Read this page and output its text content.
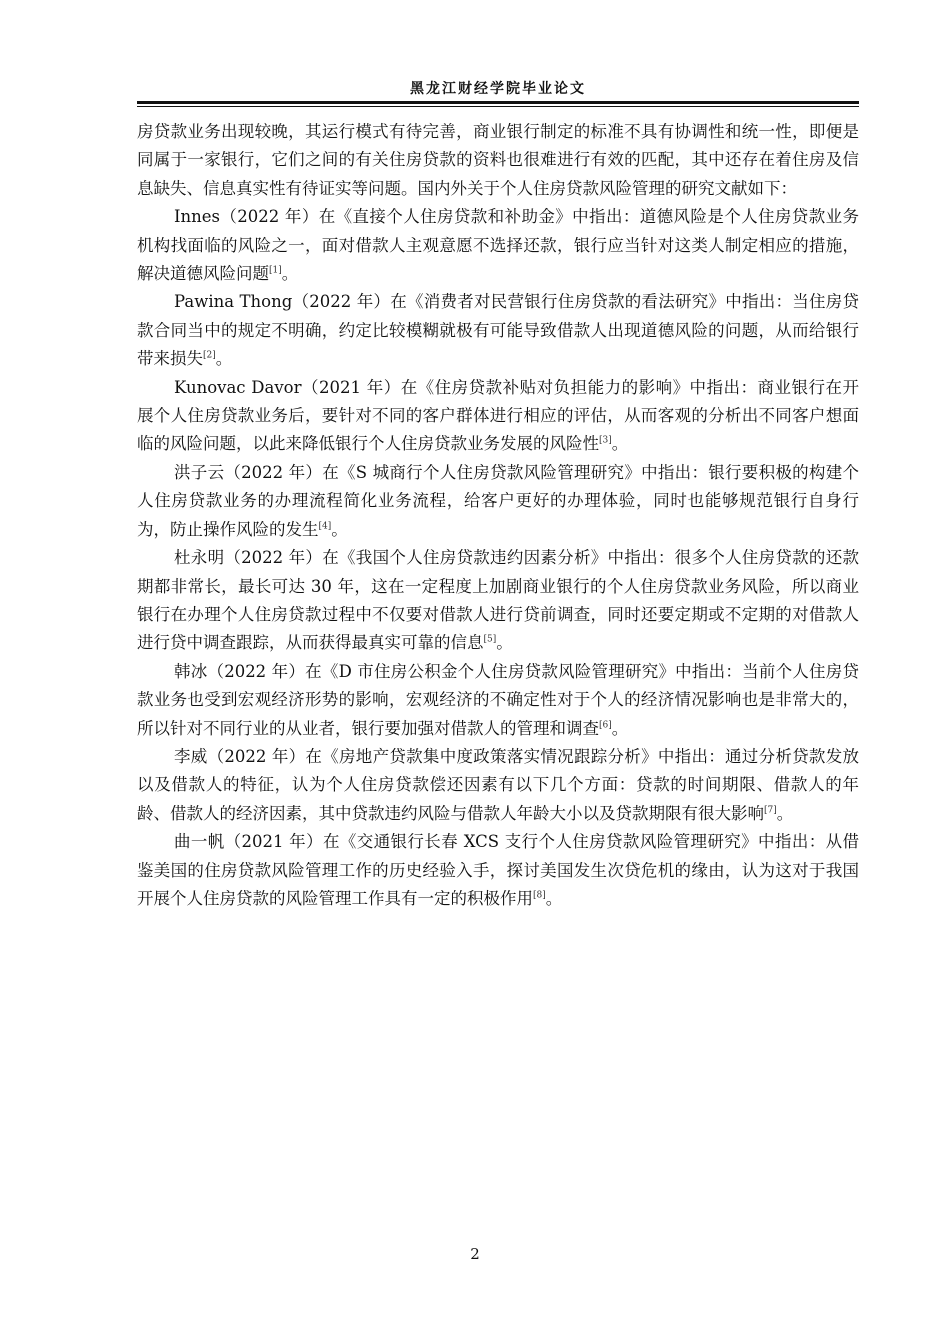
黑龙江财经学院毕业论文

房贷款业务出现较晚，其运行模式有待完善，商业银行制定的标准不具有协调性和统一性，即便是同属于一家银行，它们之间的有关住房贷款的资料也很难进行有效的匹配，其中还存在着住房及信息缺失、信息真实性有待证实等问题。国内外关于个人住房贷款风险管理的研究文献如下：

Innes（2022 年）在《直接个人住房贷款和补助金》中指出：道德风险是个人住房贷款业务机构找面临的风险之一，面对借款人主观意愿不选择还款，银行应当针对这类人制定相应的措施，解决道德风险问题[1]。

Pawina Thong（2022 年）在《消费者对民营银行住房贷款的看法研究》中指出：当住房贷款合同当中的规定不明确，约定比较模糊就极有可能导致借款人出现道德风险的问题，从而给银行带来损失[2]。

Kunovac Davor（2021 年）在《住房贷款补贴对负担能力的影响》中指出：商业银行在开展个人住房贷款业务后，要针对不同的客户群体进行相应的评估，从而客观的分析出不同客户想面临的风险问题，以此来降低银行个人住房贷款业务发展的风险性[3]。

洪子云（2022 年）在《S 城商行个人住房贷款风险管理研究》中指出：银行要积极的构建个人住房贷款业务的办理流程简化业务流程，给客户更好的办理体验，同时也能够规范银行自身行为，防止操作风险的发生[4]。

杜永明（2022 年）在《我国个人住房贷款违约因素分析》中指出：很多个人住房贷款的还款期都非常长，最长可达 30 年，这在一定程度上加剧商业银行的个人住房贷款业务风险，所以商业银行在办理个人住房贷款过程中不仅要对借款人进行贷前调查，同时还要定期或不定期的对借款人进行贷中调查跟踪，从而获得最真实可靠的信息[5]。

韩冰（2022 年）在《D 市住房公积金个人住房贷款风险管理研究》中指出：当前个人住房贷款业务也受到宏观经济形势的影响，宏观经济的不确定性对于个人的经济情况影响也是非常大的，所以针对不同行业的从业者，银行要加强对借款人的管理和调查[6]。

李威（2022 年）在《房地产贷款集中度政策落实情况跟踪分析》中指出：通过分析贷款发放以及借款人的特征，认为个人住房贷款偿还因素有以下几个方面：贷款的时间期限、借款人的年龄、借款人的经济因素，其中贷款违约风险与借款人年龄大小以及贷款期限有很大影响[7]。

曲一帆（2021 年）在《交通银行长春 XCS 支行个人住房贷款风险管理研究》中指出：从借鉴美国的住房贷款风险管理工作的历史经验入手，探讨美国发生次贷危机的缘由，认为这对于我国开展个人住房贷款的风险管理工作具有一定的积极作用[8]。

2
